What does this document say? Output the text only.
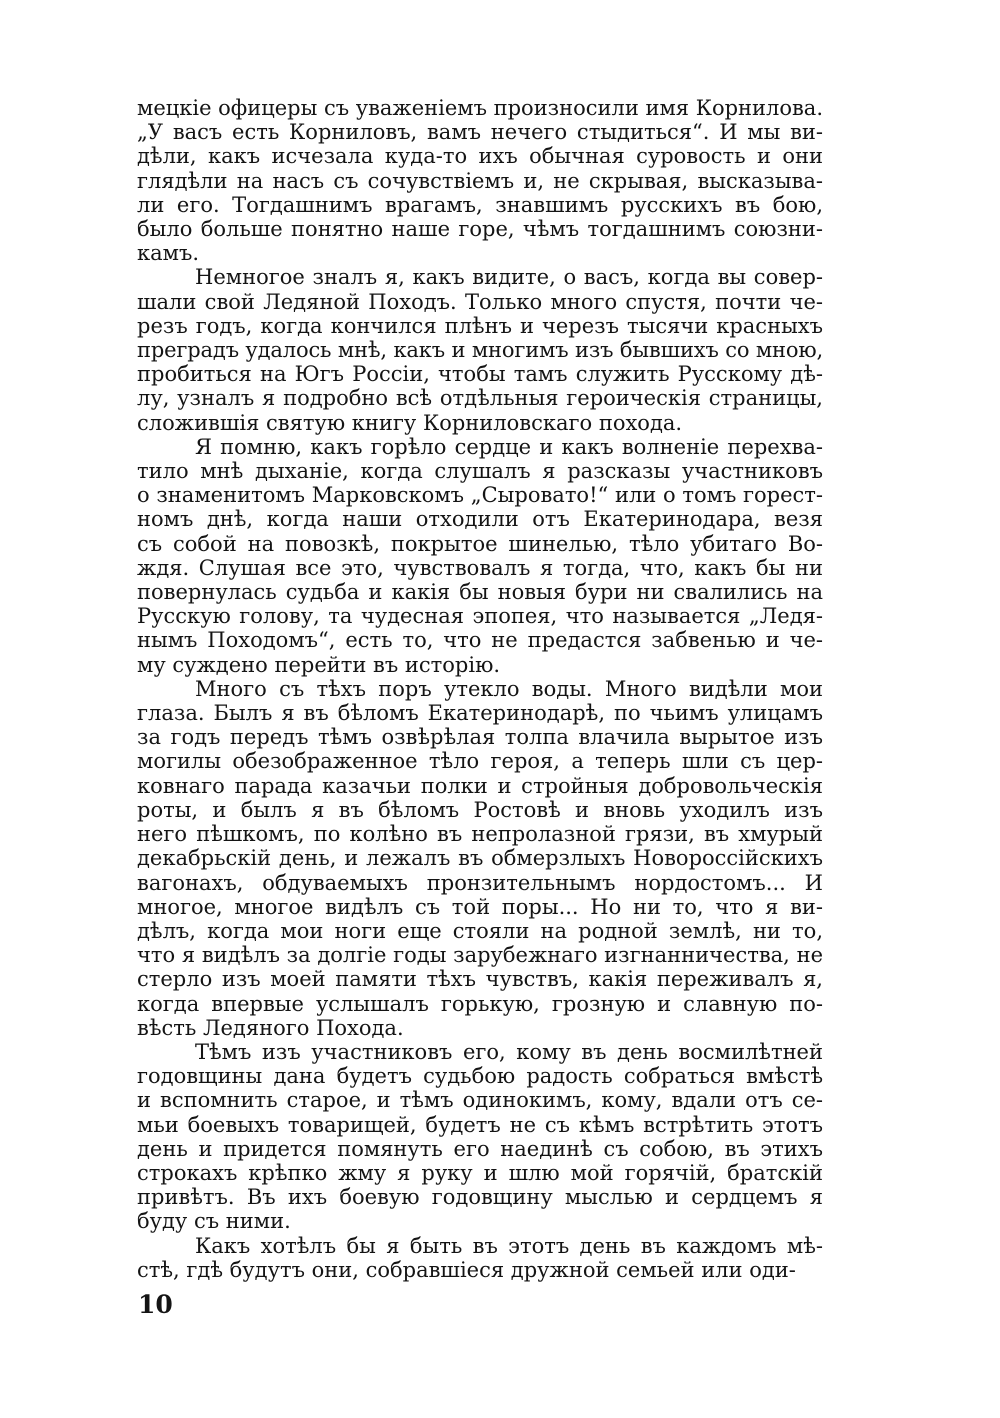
мецкіе офицеры съ уваженіемъ произносили имя Корнилова.
„У васъ есть Корниловъ, вамъ нечего стыдиться“. И мы ви-
дѣли, какъ исчезала куда-то ихъ обычная суровость и они
глядѣли на насъ съ сочувствіемъ и, не скрывая, высказыва-
ли его. Тогдашнимъ врагамъ, знавшимъ русскихъ въ бою,
было больше понятно наше горе, чѣмъ тогдашнимъ союзни-
камъ.
Немногое зналъ я, какъ видите, о васъ, когда вы совер-
шали свой Ледяной Походъ. Только много спустя, почти че-
резъ годъ, когда кончился плѣнъ и черезъ тысячи красныхъ
преградъ удалось мнѣ, какъ и многимъ изъ бывшихъ со мною,
пробиться на Югъ Россіи, чтобы тамъ служить Русскому дѣ-
лу, узналъ я подробно всѣ отдѣльныя героическія страницы,
сложившія святую книгу Корниловскаго похода.
Я помню, какъ горѣло сердце и какъ волненіе перехва-
тило мнѣ дыханіе, когда слушалъ я разсказы участниковъ
о знаменитомъ Марковскомъ „Сыровато!“ или о томъ горест-
номъ днѣ, когда наши отходили отъ Екатеринодара, везя
съ собой на повозкѣ, покрытое шинелью, тѣло убитаго Во-
ждя. Слушая все это, чувствовалъ я тогда, что, какъ бы ни
повернулась судьба и какія бы новыя бури ни свалились на
Русскую голову, та чудесная эпопея, что называется „Ледя-
нымъ Походомъ“, есть то, что не предастся забвенью и че-
му суждено перейти въ исторію.
Много съ тѣхъ поръ утекло воды. Много видѣли мои
глаза. Былъ я въ бѣломъ Екатеринодарѣ, по чьимъ улицамъ
за годъ передъ тѣмъ озвѣрѣлая толпа влачила вырытое изъ
могилы обезображенное тѣло героя, а теперь шли съ цер-
ковнаго парада казачьи полки и стройныя добровольческія
роты, и былъ я въ бѣломъ Ростовѣ и вновь уходилъ изъ
него пѣшкомъ, по колѣно въ непролазной грязи, въ хмурый
декабрьскій день, и лежалъ въ обмерзлыхъ Новороссійскихъ
вагонахъ, обдуваемыхъ пронзительнымъ нордостомъ... И
многое, многое видѣлъ съ той поры... Но ни то, что я ви-
дѣлъ, когда мои ноги еще стояли на родной землѣ, ни то,
что я видѣлъ за долгіе годы зарубежнаго изгнанничества, не
стерло изъ моей памяти тѣхъ чувствъ, какія переживалъ я,
когда впервые услышалъ горькую, грозную и славную по-
вѣсть Ледяного Похода.
Тѣмъ изъ участниковъ его, кому въ день восмилѣтней
годовщины дана будетъ судьбою радость собраться вмѣстѣ
и вспомнить старое, и тѣмъ одинокимъ, кому, вдали отъ се-
мьи боевыхъ товарищей, будетъ не съ кѣмъ встрѣтить этотъ
день и придется помянуть его наединѣ съ собою, въ этихъ
строкахъ крѣпко жму я руку и шлю мой горячій, братскій
привѣтъ. Въ ихъ боевую годовщину мыслью и сердцемъ я
буду съ ними.
Какъ хотѣлъ бы я быть въ этотъ день въ каждомъ мѣ-
стѣ, гдѣ будутъ они, собравшіеся дружной семьей или оди-
10
